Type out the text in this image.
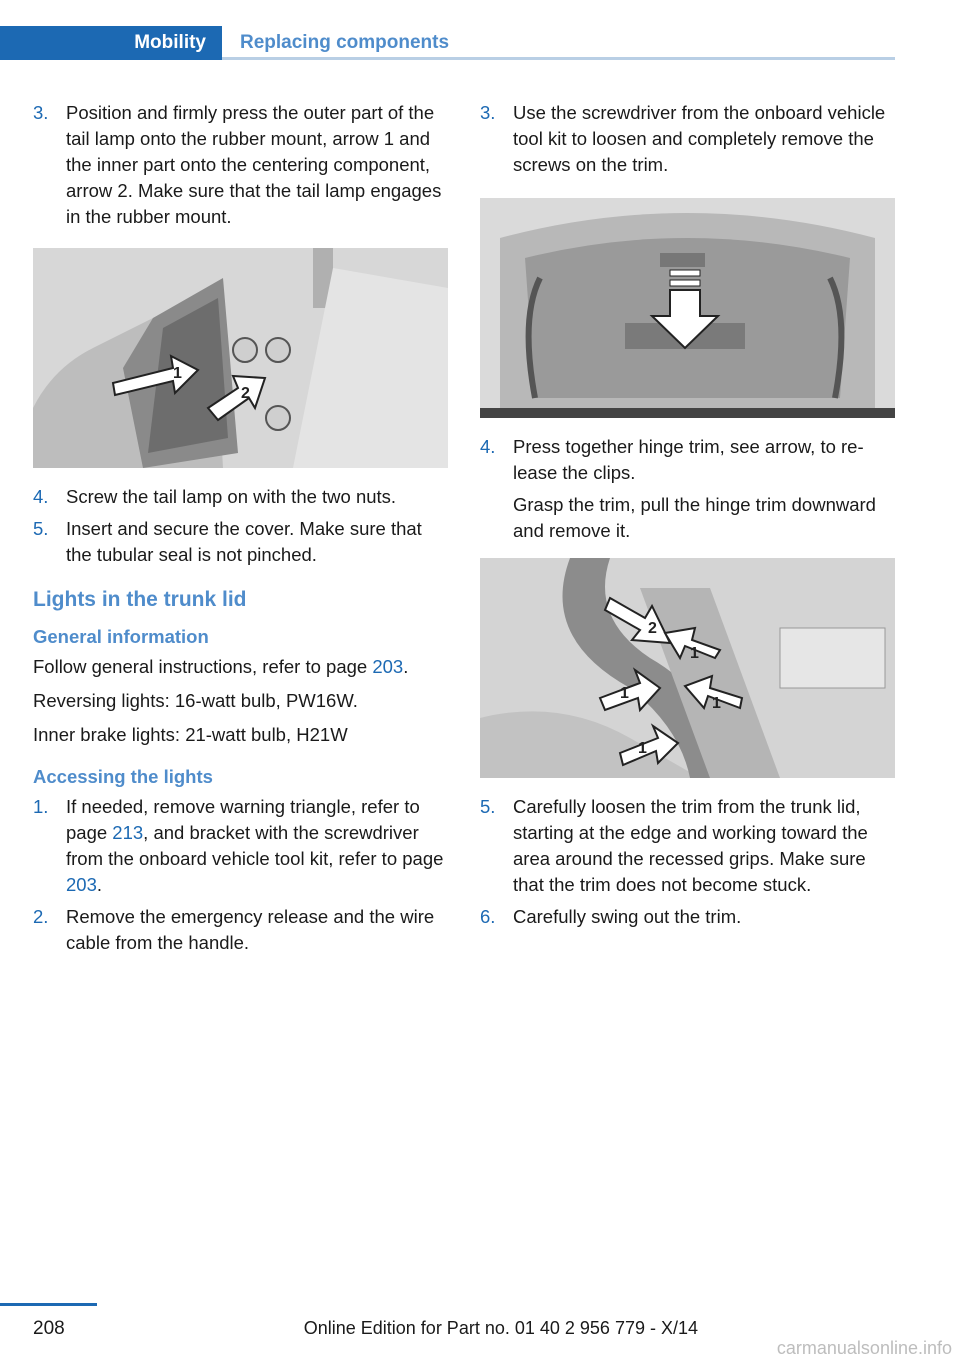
Mobility	Replacing components
3. Position and firmly press the outer part of the tail lamp onto the rubber mount, arrow 1 and the inner part onto the centering component, arrow 2. Make sure that the tail lamp engages in the rubber mount.

1
2
4. Screw the tail lamp on with the two nuts.

5. Insert and secure the cover. Make sure that the tubular seal is not pinched.

Lights in the trunk lid
General information

Follow general instructions, refer to page 203.

Reversing lights: 16-watt bulb, PW16W.

Inner brake lights: 21-watt bulb, H21W

Accessing the lights
1. If needed, remove warning triangle, refer to page 213, and bracket with the screwdriver from the onboard vehicle tool kit, refer to page 203.

2. Remove the emergency release and the wire cable from the handle.

3. Use the screwdriver from the onboard vehicle tool kit to loosen and completely remove the screws on the trim.

4. Press together hinge trim, see arrow, to release the clips.

Grasp the trim, pull the hinge trim downward and remove it.

2
1
1
1
1
5. Carefully loosen the trim from the trunk lid, starting at the edge and working toward the area around the recessed grips. Make sure that the trim does not become stuck.

6. Carefully swing out the trim.

208	Online Edition for Part no. 01 40 2 956 779 - X/14
carmanualsonline.info
